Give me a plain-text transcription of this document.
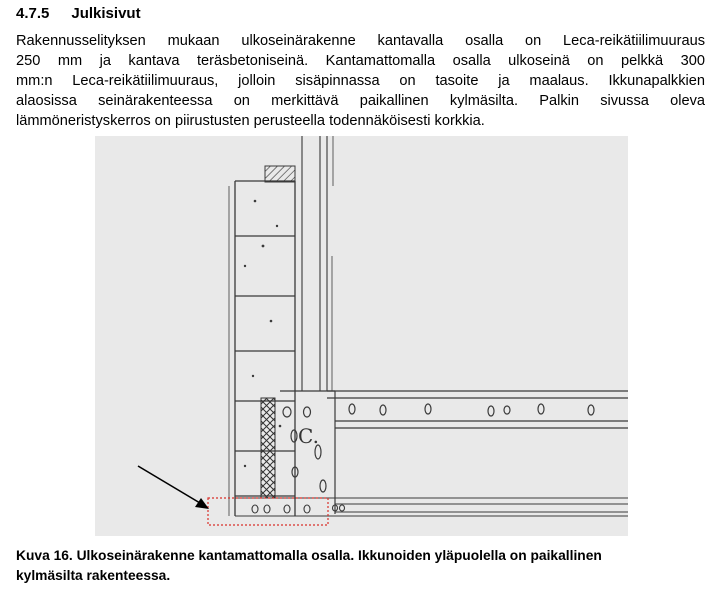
4.7.5 Julkisivut
Rakennusselityksen mukaan ulkoseinärakenne kantavalla osalla on Leca-reikätiilimuuraus
250 mm ja kantava teräsbetoniseinä. Kantamattomalla osalla ulkoseinä on pelkkä 300
mm:n Leca-reikätiilimuuraus, jolloin sisäpinnassa on tasoite ja maalaus. Ikkunapalkkien
alaosissa seinärakenteessa on merkittävä paikallinen kylmäsilta. Palkin sivussa oleva
lämmöneristyskerros on piirustusten perusteella todennäköisesti korkkia.
C.
Kuva 16. Ulkoseinärakenne kantamattomalla osalla. Ikkunoiden yläpuolella on paikallinen
kylmäsilta rakenteessa.
